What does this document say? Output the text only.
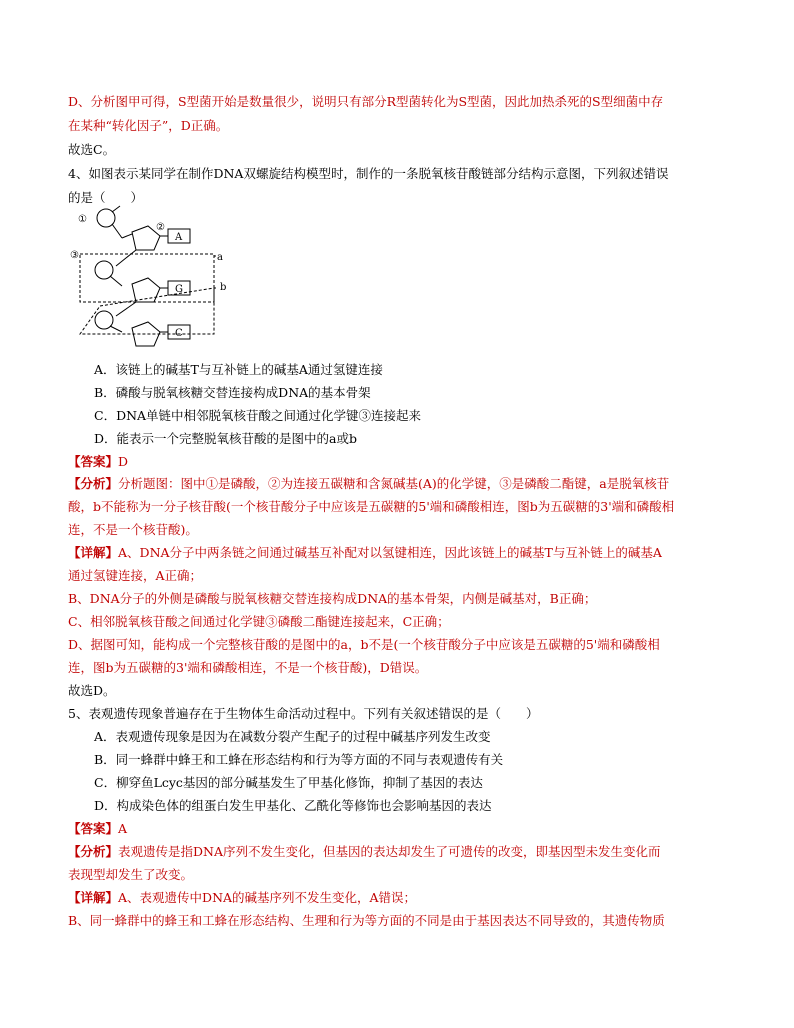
D、分析图甲可得，S型菌开始是数量很少，说明只有部分R型菌转化为S型菌，因此加热杀死的S型细菌中存
在某种“转化因子”，D正确。
故选C。
4、如图表示某同学在制作DNA双螺旋结构模型时，制作的一条脱氧核苷酸链部分结构示意图，下列叙述错误
的是（　　）
①
②
③
A
G
C
a
b
A．该链上的碱基T与互补链上的碱基A通过氢键连接
B．磷酸与脱氧核糖交替连接构成DNA的基本骨架
C．DNA单链中相邻脱氧核苷酸之间通过化学键③连接起来
D．能表示一个完整脱氧核苷酸的是图中的a或b
【答案】D
【分析】分析题图：图中①是磷酸，②为连接五碳糖和含氮碱基(A)的化学键，③是磷酸二酯键，a是脱氧核苷
酸，b不能称为一分子核苷酸(一个核苷酸分子中应该是五碳糖的5'端和磷酸相连，图b为五碳糖的3'端和磷酸相
连，不是一个核苷酸)。
【详解】A、DNA分子中两条链之间通过碱基互补配对以氢键相连，因此该链上的碱基T与互补链上的碱基A
通过氢键连接，A正确；
B、DNA分子的外侧是磷酸与脱氧核糖交替连接构成DNA的基本骨架，内侧是碱基对，B正确；
C、相邻脱氧核苷酸之间通过化学键③磷酸二酯键连接起来，C正确；
D、据图可知，能构成一个完整核苷酸的是图中的a，b不是(一个核苷酸分子中应该是五碳糖的5'端和磷酸相
连，图b为五碳糖的3'端和磷酸相连，不是一个核苷酸)，D错误。
故选D。
5、表观遗传现象普遍存在于生物体生命活动过程中。下列有关叙述错误的是（　　）
A．表观遗传现象是因为在减数分裂产生配子的过程中碱基序列发生改变
B．同一蜂群中蜂王和工蜂在形态结构和行为等方面的不同与表观遗传有关
C．柳穿鱼Lcyc基因的部分碱基发生了甲基化修饰，抑制了基因的表达
D．构成染色体的组蛋白发生甲基化、乙酰化等修饰也会影响基因的表达
【答案】A
【分析】表观遗传是指DNA序列不发生变化，但基因的表达却发生了可遗传的改变，即基因型未发生变化而
表现型却发生了改变。
【详解】A、表观遗传中DNA的碱基序列不发生变化，A错误；
B、同一蜂群中的蜂王和工蜂在形态结构、生理和行为等方面的不同是由于基因表达不同导致的，其遗传物质
